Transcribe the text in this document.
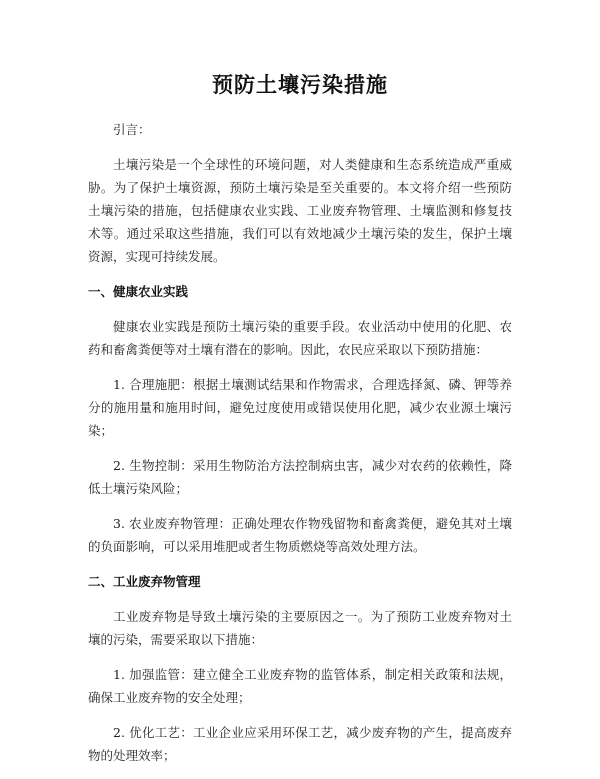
预防土壤污染措施

引言：

土壤污染是一个全球性的环境问题，对人类健康和生态系统造成严重威胁。为了保护土壤资源，预防土壤污染是至关重要的。本文将介绍一些预防土壤污染的措施，包括健康农业实践、工业废弃物管理、土壤监测和修复技术等。通过采取这些措施，我们可以有效地减少土壤污染的发生，保护土壤资源，实现可持续发展。

一、健康农业实践

健康农业实践是预防土壤污染的重要手段。农业活动中使用的化肥、农药和畜禽粪便等对土壤有潜在的影响。因此，农民应采取以下预防措施：

1. 合理施肥：根据土壤测试结果和作物需求，合理选择氮、磷、钾等养分的施用量和施用时间，避免过度使用或错误使用化肥，减少农业源土壤污染；

2. 生物控制：采用生物防治方法控制病虫害，减少对农药的依赖性，降低土壤污染风险；

3. 农业废弃物管理：正确处理农作物残留物和畜禽粪便，避免其对土壤的负面影响，可以采用堆肥或者生物质燃烧等高效处理方法。

二、工业废弃物管理

工业废弃物是导致土壤污染的主要原因之一。为了预防工业废弃物对土壤的污染，需要采取以下措施：

1. 加强监管：建立健全工业废弃物的监管体系，制定相关政策和法规，确保工业废弃物的安全处理；

2. 优化工艺：工业企业应采用环保工艺，减少废弃物的产生，提高废弃物的处理效率；
